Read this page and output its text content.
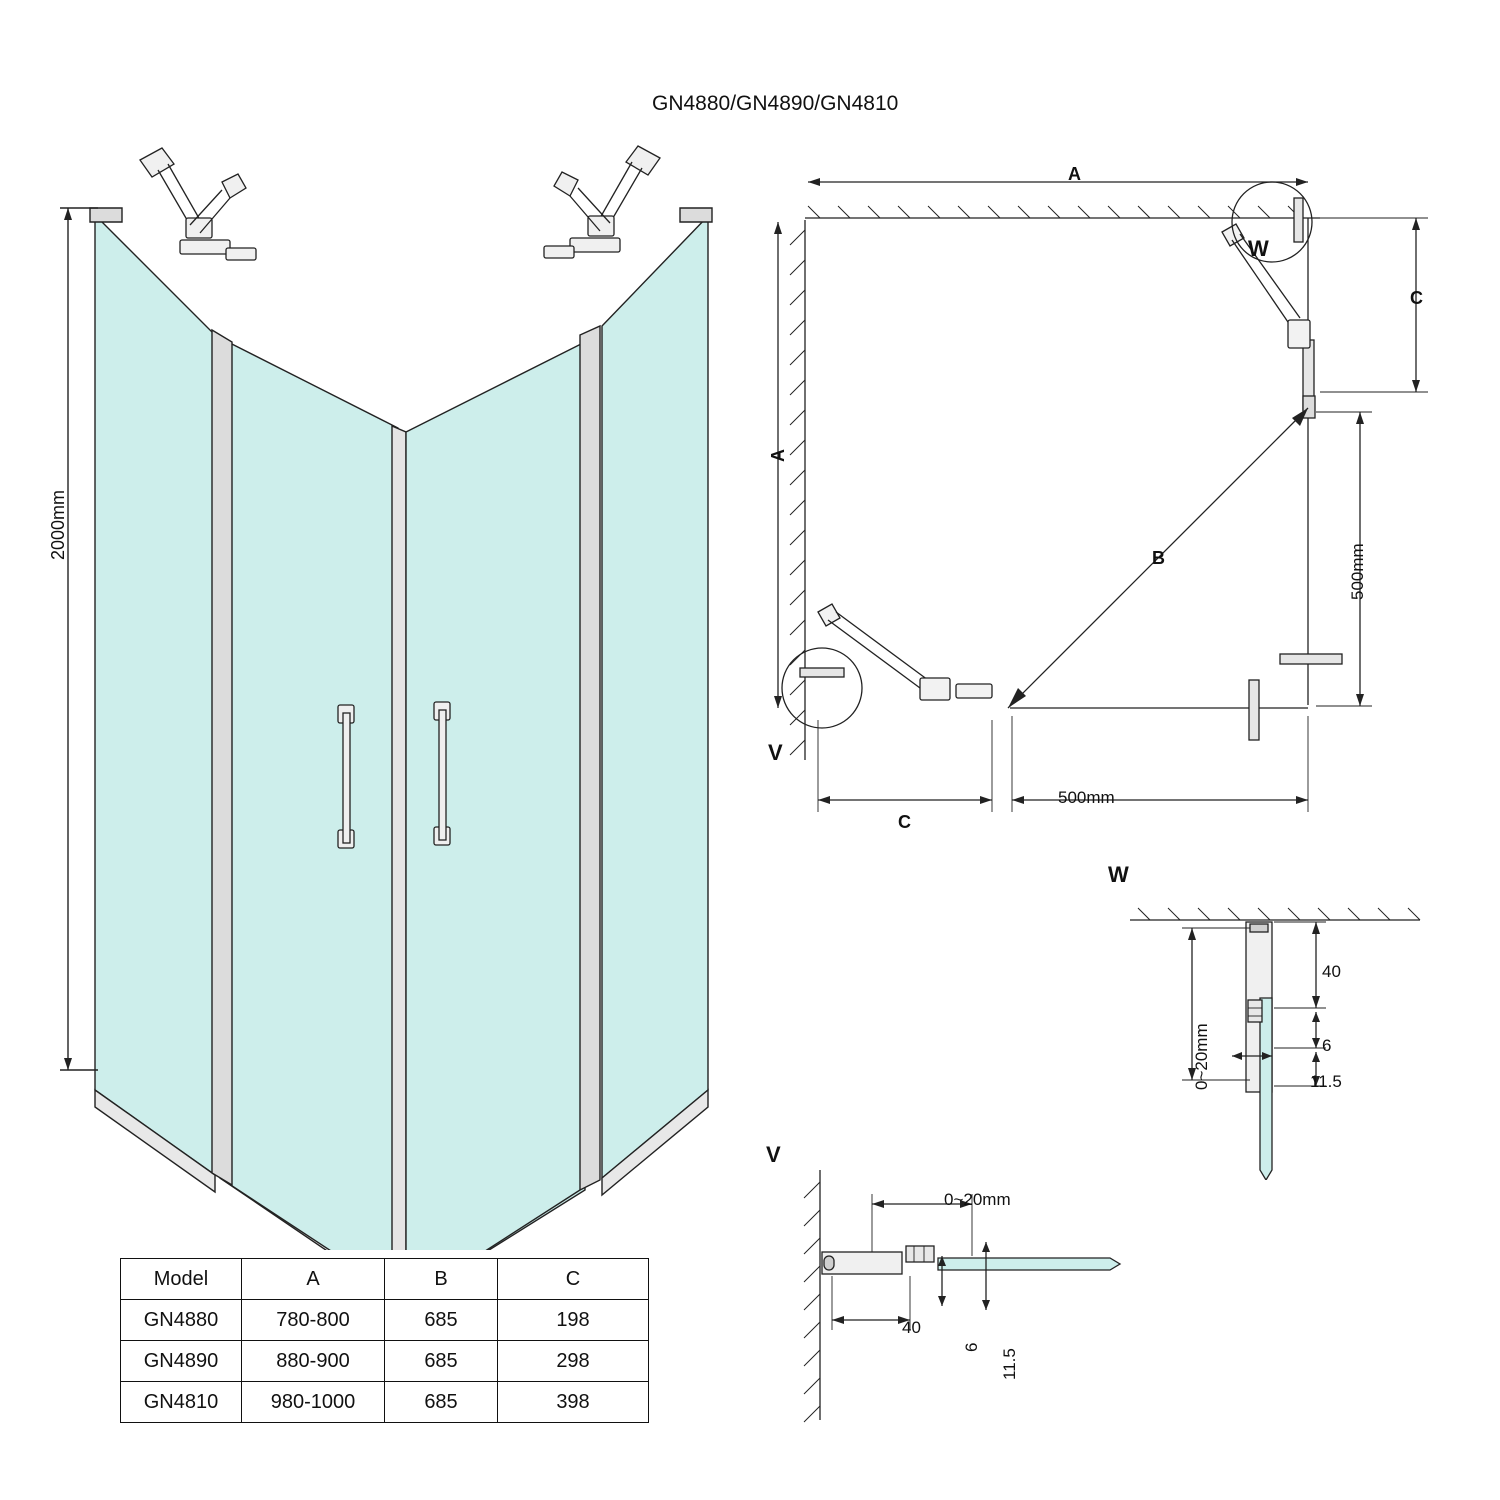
GN4880/GN4890/GN4810
2000mm
A
A
B
C
C
500mm
500mm
W
V
W
40
6
11.5
0~20mm
V
0~20mm
40
6
11.5
Model	A	B	C
GN4880	780-800	685	198
GN4890	880-900	685	298
GN4810	980-1000	685	398
